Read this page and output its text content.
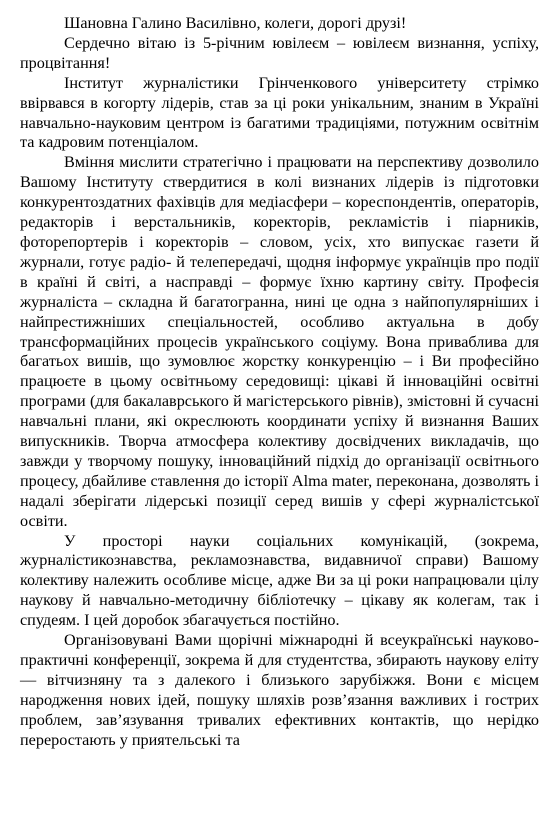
Шановна Галино Василівно, колеги, дорогі друзі!

Сердечно вітаю із 5-річним ювілеєм – ювілеєм визнання, успіху, процвітання!

Інститут журналістики Грінченкового університету стрімко ввірвався в когорту лідерів, став за ці роки унікальним, знаним в Україні навчально-науковим центром із багатими традиціями, потужним освітнім та кадровим потенціалом.

Вміння мислити стратегічно і працювати на перспективу дозволило Вашому Інституту ствердитися в колі визнаних лідерів із підготовки конкурентоздатних фахівців для медіасфери – кореспондентів, операторів, редакторів і верстальників, коректорів, рекламістів і піарників, фоторепортерів і коректорів – словом, усіх, хто випускає газети й журнали, готує радіо- й телепередачі, щодня інформує українців про події в країні й світі, а насправді – формує їхню картину світу. Професія журналіста – складна й багатогранна, нині це одна з найпопулярніших і найпрестижніших спеціальностей, особливо актуальна в добу трансформаційних процесів українського соціуму. Вона приваблива для багатьох вишів, що зумовлює жорстку конкуренцію – і Ви професійно працюєте в цьому освітньому середовищі: цікаві й інноваційні освітні програми (для бакалаврського й магістерського рівнів), змістовні й сучасні навчальні плани, які окреслюють координати успіху й визнання Ваших випускників. Творча атмосфера колективу досвідчених викладачів, що завжди у творчому пошуку, інноваційний підхід до організації освітнього процесу, дбайливе ставлення до історії Alma mater, переконана, дозволять і надалі зберігати лідерські позиції серед вишів у сфері журналістської освіти.

У просторі науки соціальних комунікацій, (зокрема, журналістикознавства, рекламознавства, видавничої справи) Вашому колективу належить особливе місце, адже Ви за ці роки напрацювали цілу наукову й навчально-методичну бібліотечку – цікаву як колегам, так і спудеям. І цей доробок збагачується постійно.

Організовувані Вами щорічні міжнародні й всеукраїнські науково-практичні конференції, зокрема й для студентства, збирають наукову еліту — вітчизняну та з далекого і близького зарубіжжя. Вони є місцем народження нових ідей, пошуку шляхів розв’язання важливих і гострих проблем, зав’язування тривалих ефективних контактів, що нерідко переростають у приятельські та
